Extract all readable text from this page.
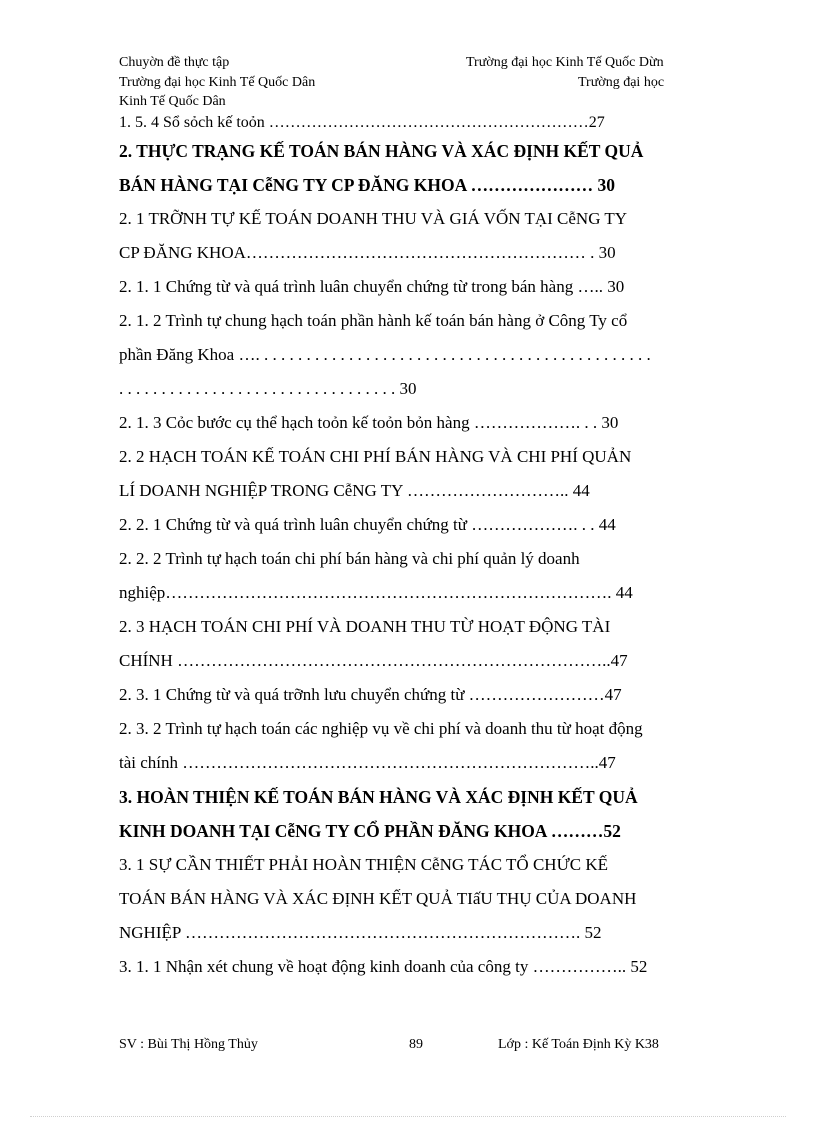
Chuyờn đề thực tập	Trường đại học Kinh Tế Quốc Dừn
Trường đại học Kinh Tế Quốc Dân	Trường đại học
Kinh Tế Quốc Dân
1. 5. 4 Sổ sỏch kế toỏn ……………………………………………………27
2. THỰC TRẠNG KẾ TOÁN BÁN HÀNG VÀ XÁC ĐỊNH KẾT QUẢ
BÁN HÀNG TẠI CễNG TY CP ĐĂNG KHOA ………………… 30
2. 1 TRỠNH TỰ KẾ TOÁN DOANH THU VÀ GIÁ VỐN TẠI CễNG TY
CP ĐĂNG KHOA…………………………………………………… . 30
2. 1. 1 Chứng từ và quá trình luân chuyển chứng từ trong bán hàng ….. 30
2. 1. 2 Trình tự chung hạch toán phần hành kế toán bán hàng ở Công Ty cổ
phần Đăng Khoa …. . . . . . . . . . . . . . . . . . . . . . . . . . . . . . . . . . . . . . . . . . . . . . .
. . . . . . . . . . . . . . . . . . . . . . . . . . . . . . . . . 30
2. 1. 3 Cỏc bước cụ thể hạch toỏn kế toỏn bỏn hàng ………………. . . 30
2. 2 HẠCH TOÁN KẾ TOÁN CHI PHÍ BÁN HÀNG VÀ CHI PHÍ QUẢN
LÍ DOANH NGHIỆP TRONG CễNG TY ……………………….. 44
2. 2. 1 Chứng từ và quá trình luân chuyển chứng từ ………………. . . 44
2. 2. 2 Trình tự hạch toán chi phí bán hàng và chi phí quản lý doanh
nghiệp……………………………………………………………………. 44
2. 3 HẠCH TOÁN CHI PHÍ VÀ DOANH THU TỪ HOẠT ĐỘNG TÀI
CHÍNH …………………………………………………………………..47
2. 3. 1 Chứng từ và quá trỡnh lưu chuyển chứng từ ……………………47
2. 3. 2 Trình tự hạch toán các nghiệp vụ về chi phí và doanh thu từ hoạt động
tài chính ………………………………………………………………..47
3. HOÀN THIỆN KẾ TOÁN BÁN HÀNG VÀ XÁC ĐỊNH KẾT QUẢ
KINH DOANH TẠI CễNG TY CỔ PHẦN ĐĂNG KHOA ………52
3. 1 SỰ CẦN THIẾT PHẢI HOÀN THIỆN CễNG TÁC TỔ CHỨC KẾ
TOÁN BÁN HÀNG VÀ XÁC ĐỊNH KẾT QUẢ TIấU THỤ CỦA DOANH
NGHIỆP ……………………………………………………………. 52
3. 1. 1 Nhận xét chung về hoạt động kinh doanh của công ty …………….. 52
SV : Bùi Thị Hồng Thủy	89	Lớp : Kế Toán Định Kỳ K38
